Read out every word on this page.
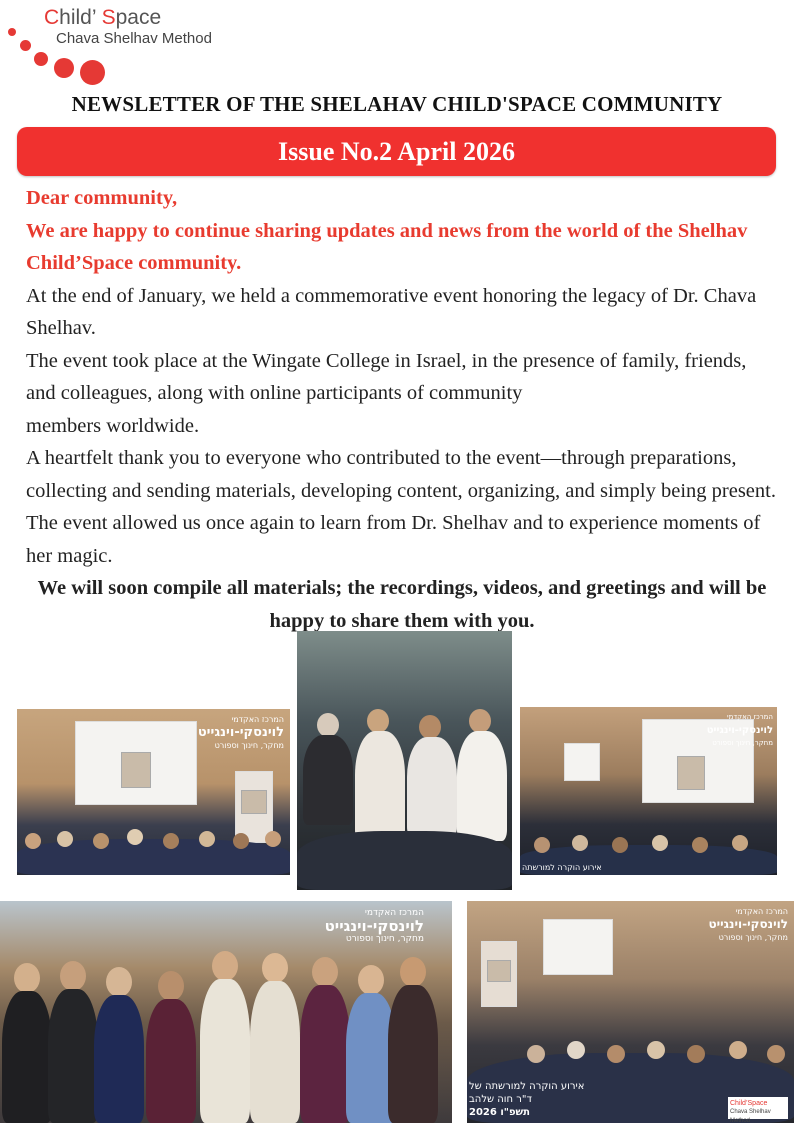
Child’ Space
Chava Shelhav Method
NEWSLETTER OF THE SHELAHAV CHILD'SPACE COMMUNITY
Issue No.2 April 2026

Dear community,

We are happy to continue sharing updates and news from the world of the Shelhav Child’Space community.

At the end of January, we held a commemorative event honoring the legacy of Dr. Chava Shelhav.

The event took place at the Wingate College in Israel, in the presence of family, friends, and colleagues, along with online participants of community

members worldwide.

A heartfelt thank you to everyone who contributed to the event—through preparations, collecting and sending materials, developing content, organizing, and simply being present. The event allowed us once again to learn from Dr. Shelhav and to experience moments of her magic.

We will soon compile all materials; the recordings, videos, and greetings and will be happy to share them with you.

המרכז האקדמי
לוינסקי-וינגייט
מחקר, חינוך וספורט
המרכז האקדמי
לוינסקי-וינגייט
מחקר, חינוך וספורט
אירוע הוקרה למורשתה
המרכז האקדמי
לוינסקי-וינגייט
מחקר, חינוך וספורט
המרכז האקדמי
לוינסקי-וינגייט
מחקר, חינוך וספורט
אירוע הוקרה למורשתה של
ד"ר חוה שלהב
תשפ"ו 2026
Child’Space
Chava Shelhav Method
